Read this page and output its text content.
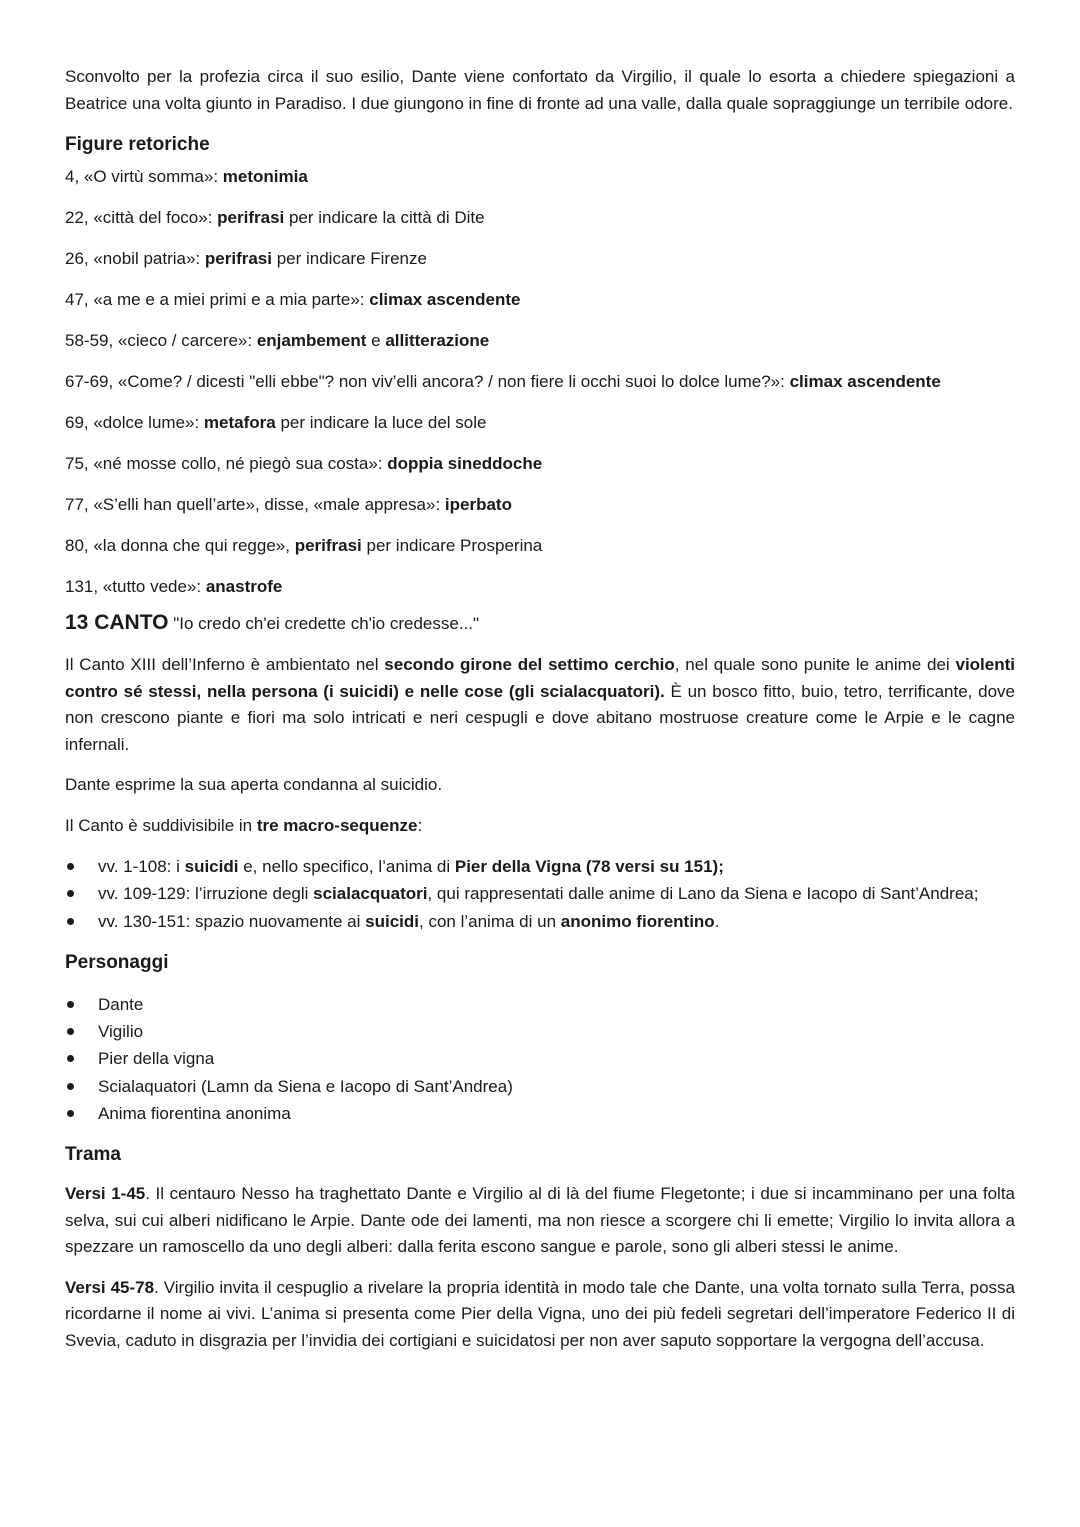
Sconvolto per la profezia circa il suo esilio, Dante viene confortato da Virgilio, il quale lo esorta a chiedere spiegazioni a Beatrice una volta giunto in Paradiso. I due giungono in fine di fronte ad una valle, dalla quale sopraggiunge un terribile odore.

Figure retoriche

4, «O virtù somma»: metonimia

22, «città del foco»: perifrasi per indicare la città di Dite

26, «nobil patria»: perifrasi per indicare Firenze

47, «a me e a miei primi e a mia parte»: climax ascendente

58-59, «cieco / carcere»: enjambement e allitterazione

67-69, «Come? / dicesti "elli ebbe"? non viv’elli ancora? / non fiere li occhi suoi lo dolce lume?»: climax ascendente

69, «dolce lume»: metafora per indicare la luce del sole

75, «né mosse collo, né piegò sua costa»: doppia sineddoche

77, «S’elli han quell’arte», disse, «male appresa»: iperbato

80, «la donna che qui regge», perifrasi per indicare Prosperina

131, «tutto vede»: anastrofe

13 CANTO "Io credo ch'ei credette ch'io credesse..."

Il Canto XIII dell’Inferno è ambientato nel secondo girone del settimo cerchio, nel quale sono punite le anime dei violenti contro sé stessi, nella persona (i suicidi) e nelle cose (gli scialacquatori). È un bosco fitto, buio, tetro, terrificante, dove non crescono piante e fiori ma solo intricati e neri cespugli e dove abitano mostruose creature come le Arpie e le cagne infernali.

Dante esprime la sua aperta condanna al suicidio.

Il Canto è suddivisibile in tre macro-sequenze:

vv. 1-108: i suicidi e, nello specifico, l’anima di Pier della Vigna (78 versi su 151);
vv. 109-129: l’irruzione degli scialacquatori, qui rappresentati dalle anime di Lano da Siena e Iacopo di Sant’Andrea;
vv. 130-151: spazio nuovamente ai suicidi, con l’anima di un anonimo fiorentino.

Personaggi

Dante
Vigilio
Pier della vigna
Scialaquatori (Lamn da Siena e Iacopo di Sant’Andrea)
Anima fiorentina anonima

Trama

Versi 1-45. Il centauro Nesso ha traghettato Dante e Virgilio al di là del fiume Flegetonte; i due si incamminano per una folta selva, sui cui alberi nidificano le Arpie. Dante ode dei lamenti, ma non riesce a scorgere chi li emette; Virgilio lo invita allora a spezzare un ramoscello da uno degli alberi: dalla ferita escono sangue e parole, sono gli alberi stessi le anime.

Versi 45-78. Virgilio invita il cespuglio a rivelare la propria identità in modo tale che Dante, una volta tornato sulla Terra, possa ricordarne il nome ai vivi. L’anima si presenta come Pier della Vigna, uno dei più fedeli segretari dell’imperatore Federico II di Svevia, caduto in disgrazia per l’invidia dei cortigiani e suicidatosi per non aver saputo sopportare la vergogna dell’accusa.
